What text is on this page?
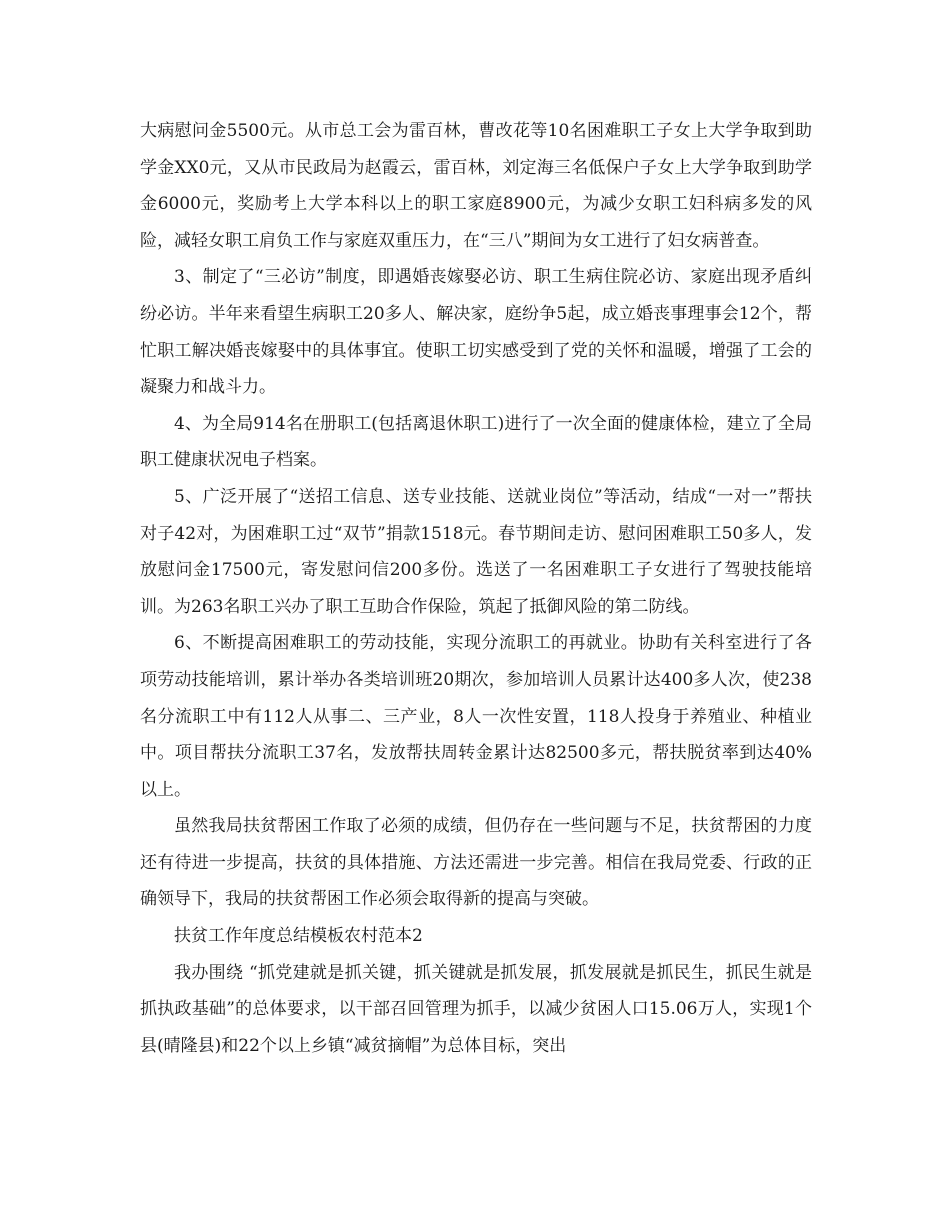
大病慰问金5500元。从市总工会为雷百林，曹改花等10名困难职工子女上大学争取到助学金XX0元，又从市民政局为赵霞云，雷百林，刘定海三名低保户子女上大学争取到助学金6000元，奖励考上大学本科以上的职工家庭8900元，为减少女职工妇科病多发的风险，减轻女职工肩负工作与家庭双重压力，在“三八”期间为女工进行了妇女病普查。

3、制定了“三必访”制度，即遇婚丧嫁娶必访、职工生病住院必访、家庭出现矛盾纠纷必访。半年来看望生病职工20多人、解决家，庭纷争5起，成立婚丧事理事会12个，帮忙职工解决婚丧嫁娶中的具体事宜。使职工切实感受到了党的关怀和温暖，增强了工会的凝聚力和战斗力。

4、为全局914名在册职工(包括离退休职工)进行了一次全面的健康体检，建立了全局职工健康状况电子档案。

5、广泛开展了“送招工信息、送专业技能、送就业岗位”等活动，结成“一对一”帮扶对子42对，为困难职工过“双节”捐款1518元。春节期间走访、慰问困难职工50多人，发放慰问金17500元，寄发慰问信200多份。选送了一名困难职工子女进行了驾驶技能培训。为263名职工兴办了职工互助合作保险，筑起了抵御风险的第二防线。

6、不断提高困难职工的劳动技能，实现分流职工的再就业。协助有关科室进行了各项劳动技能培训，累计举办各类培训班20期次，参加培训人员累计达400多人次，使238名分流职工中有112人从事二、三产业，8人一次性安置，118人投身于养殖业、种植业中。项目帮扶分流职工37名，发放帮扶周转金累计达82500多元，帮扶脱贫率到达40%以上。

虽然我局扶贫帮困工作取了必须的成绩，但仍存在一些问题与不足，扶贫帮困的力度还有待进一步提高，扶贫的具体措施、方法还需进一步完善。相信在我局党委、行政的正确领导下，我局的扶贫帮困工作必须会取得新的提高与突破。

扶贫工作年度总结模板农村范本2

我办围绕 “抓党建就是抓关键，抓关键就是抓发展，抓发展就是抓民生，抓民生就是抓执政基础”的总体要求，以干部召回管理为抓手，以减少贫困人口15.06万人，实现1个县(晴隆县)和22个以上乡镇“减贫摘帽”为总体目标，突出
